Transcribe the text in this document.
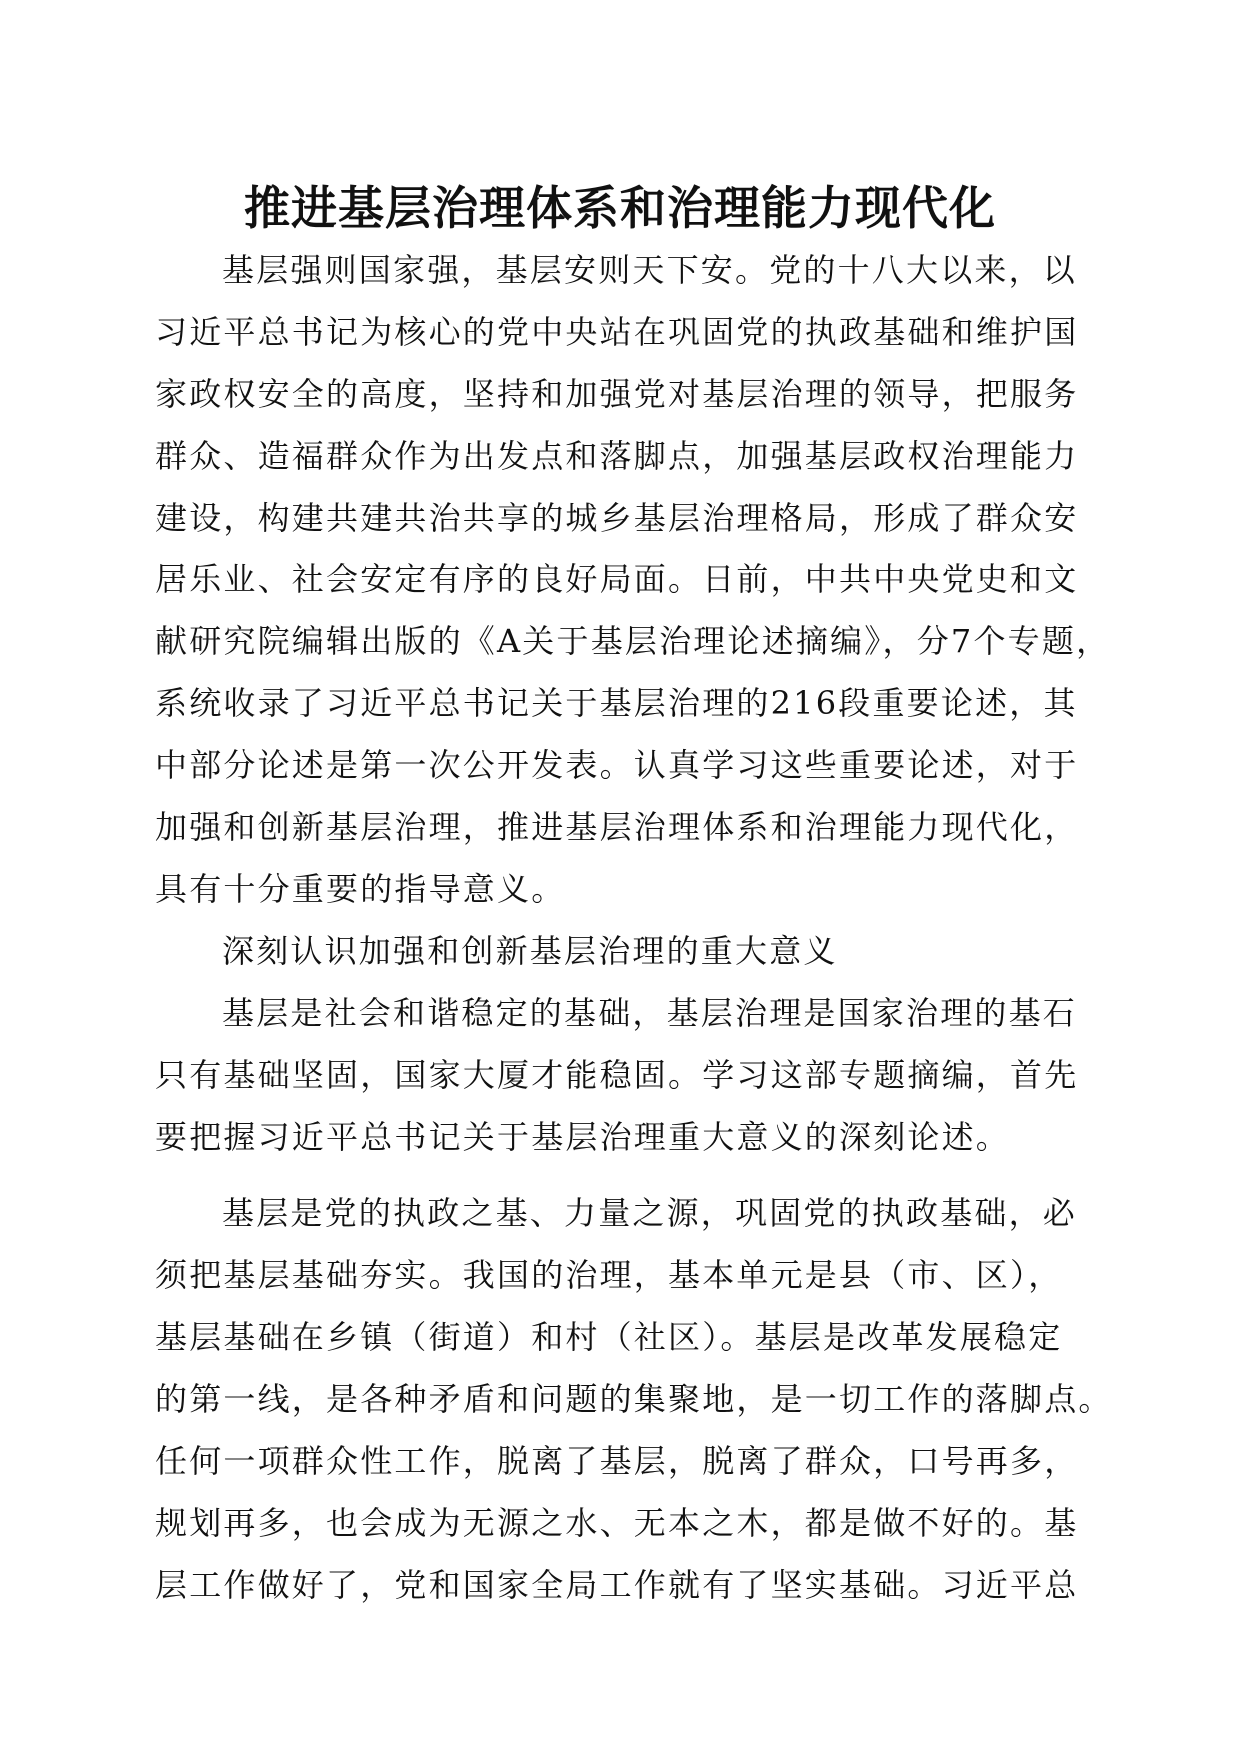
推进基层治理体系和治理能力现代化
基层强则国家强，基层安则天下安。党的十八大以来，以
习近平总书记为核心的党中央站在巩固党的执政基础和维护国
家政权安全的高度，坚持和加强党对基层治理的领导，把服务
群众、造福群众作为出发点和落脚点，加强基层政权治理能力
建设，构建共建共治共享的城乡基层治理格局，形成了群众安
居乐业、社会安定有序的良好局面。日前，中共中央党史和文
献研究院编辑出版的《A关于基层治理论述摘编》，分7个专题，
系统收录了习近平总书记关于基层治理的216段重要论述，其
中部分论述是第一次公开发表。认真学习这些重要论述，对于
加强和创新基层治理，推进基层治理体系和治理能力现代化，
具有十分重要的指导意义。
深刻认识加强和创新基层治理的重大意义
基层是社会和谐稳定的基础，基层治理是国家治理的基石
只有基础坚固，国家大厦才能稳固。学习这部专题摘编，首先
要把握习近平总书记关于基层治理重大意义的深刻论述。
基层是党的执政之基、力量之源，巩固党的执政基础，必
须把基层基础夯实。我国的治理，基本单元是县（市、区），
基层基础在乡镇（街道）和村（社区）。基层是改革发展稳定
的第一线，是各种矛盾和问题的集聚地，是一切工作的落脚点。
任何一项群众性工作，脱离了基层，脱离了群众，口号再多，
规划再多，也会成为无源之水、无本之木，都是做不好的。基
层工作做好了，党和国家全局工作就有了坚实基础。习近平总
